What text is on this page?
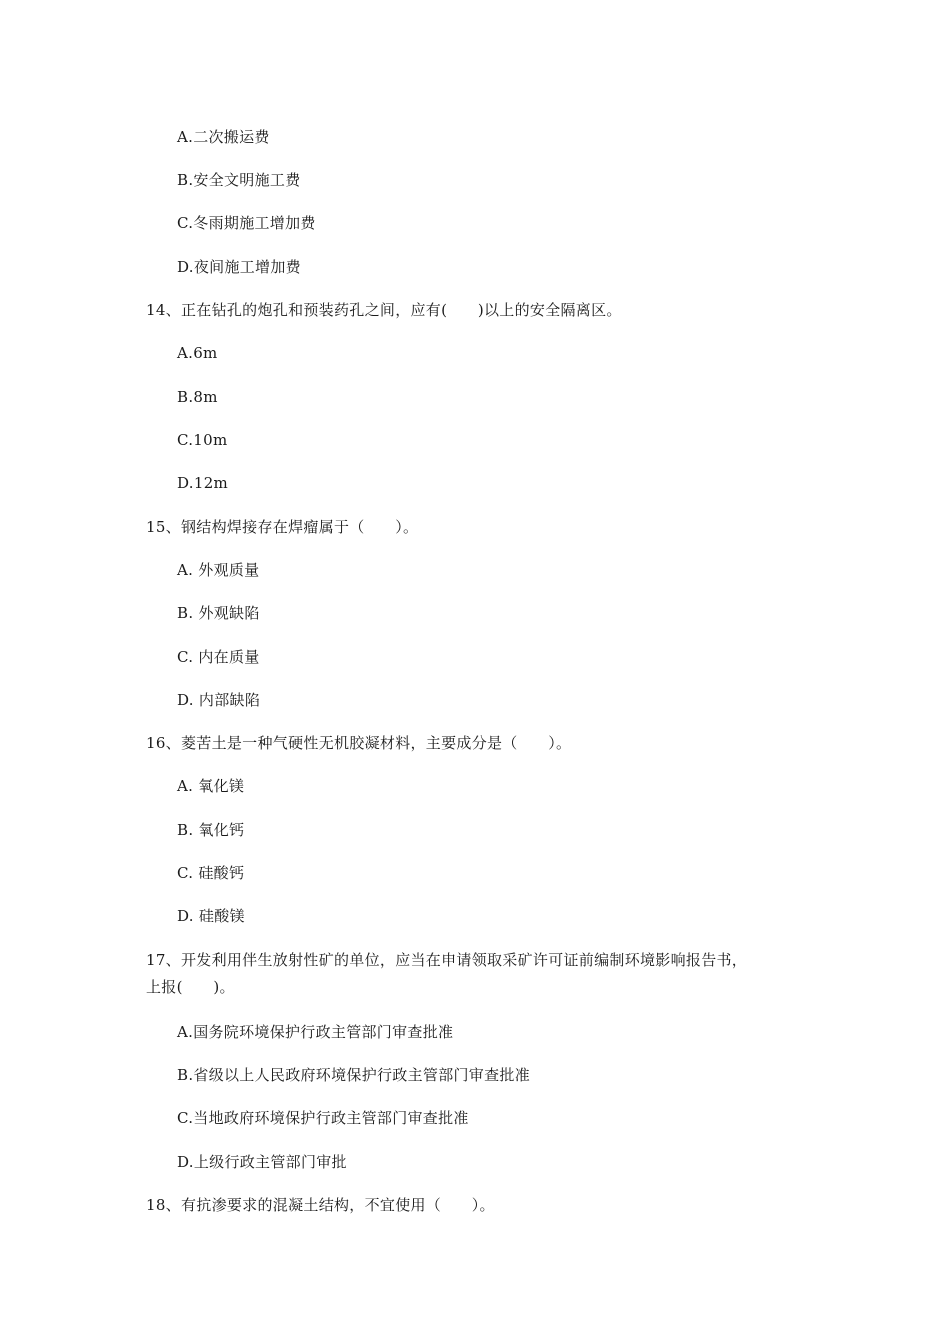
A.二次搬运费
B.安全文明施工费
C.冬雨期施工增加费
D.夜间施工增加费
14、正在钻孔的炮孔和预装药孔之间，应有(　　)以上的安全隔离区。
A.6m
B.8m
C.10m
D.12m
15、钢结构焊接存在焊瘤属于（　　）。
A. 外观质量
B. 外观缺陷
C. 内在质量
D. 内部缺陷
16、菱苦土是一种气硬性无机胶凝材料，主要成分是（　　）。
A. 氧化镁
B. 氧化钙
C. 硅酸钙
D. 硅酸镁
17、开发利用伴生放射性矿的单位，应当在申请领取采矿许可证前编制环境影响报告书，
上报(　　)。
A.国务院环境保护行政主管部门审查批准
B.省级以上人民政府环境保护行政主管部门审查批准
C.当地政府环境保护行政主管部门审查批准
D.上级行政主管部门审批
18、有抗渗要求的混凝土结构，不宜使用（　　）。
